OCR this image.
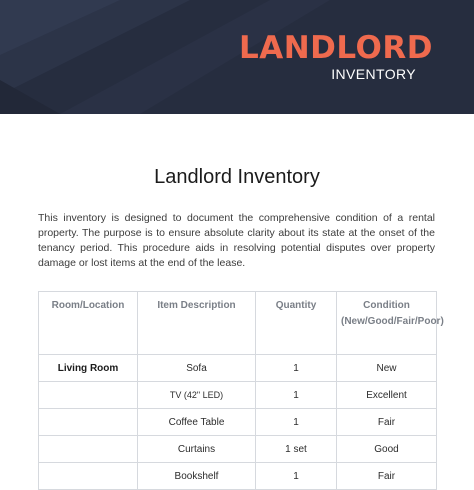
LANDLORD
INVENTORY
Landlord Inventory

This inventory is designed to document the comprehensive condition of a rental property. The purpose is to ensure absolute clarity about its state at the onset of the tenancy period. This procedure aids in resolving potential disputes over property damage or lost items at the end of the lease.

Room/Location	Item Description	Quantity	Condition (New/Good/Fair/Poor)
Living Room	Sofa	1	New
	TV (42" LED)	1	Excellent
	Coffee Table	1	Fair
	Curtains	1 set	Good
	Bookshelf	1	Fair
